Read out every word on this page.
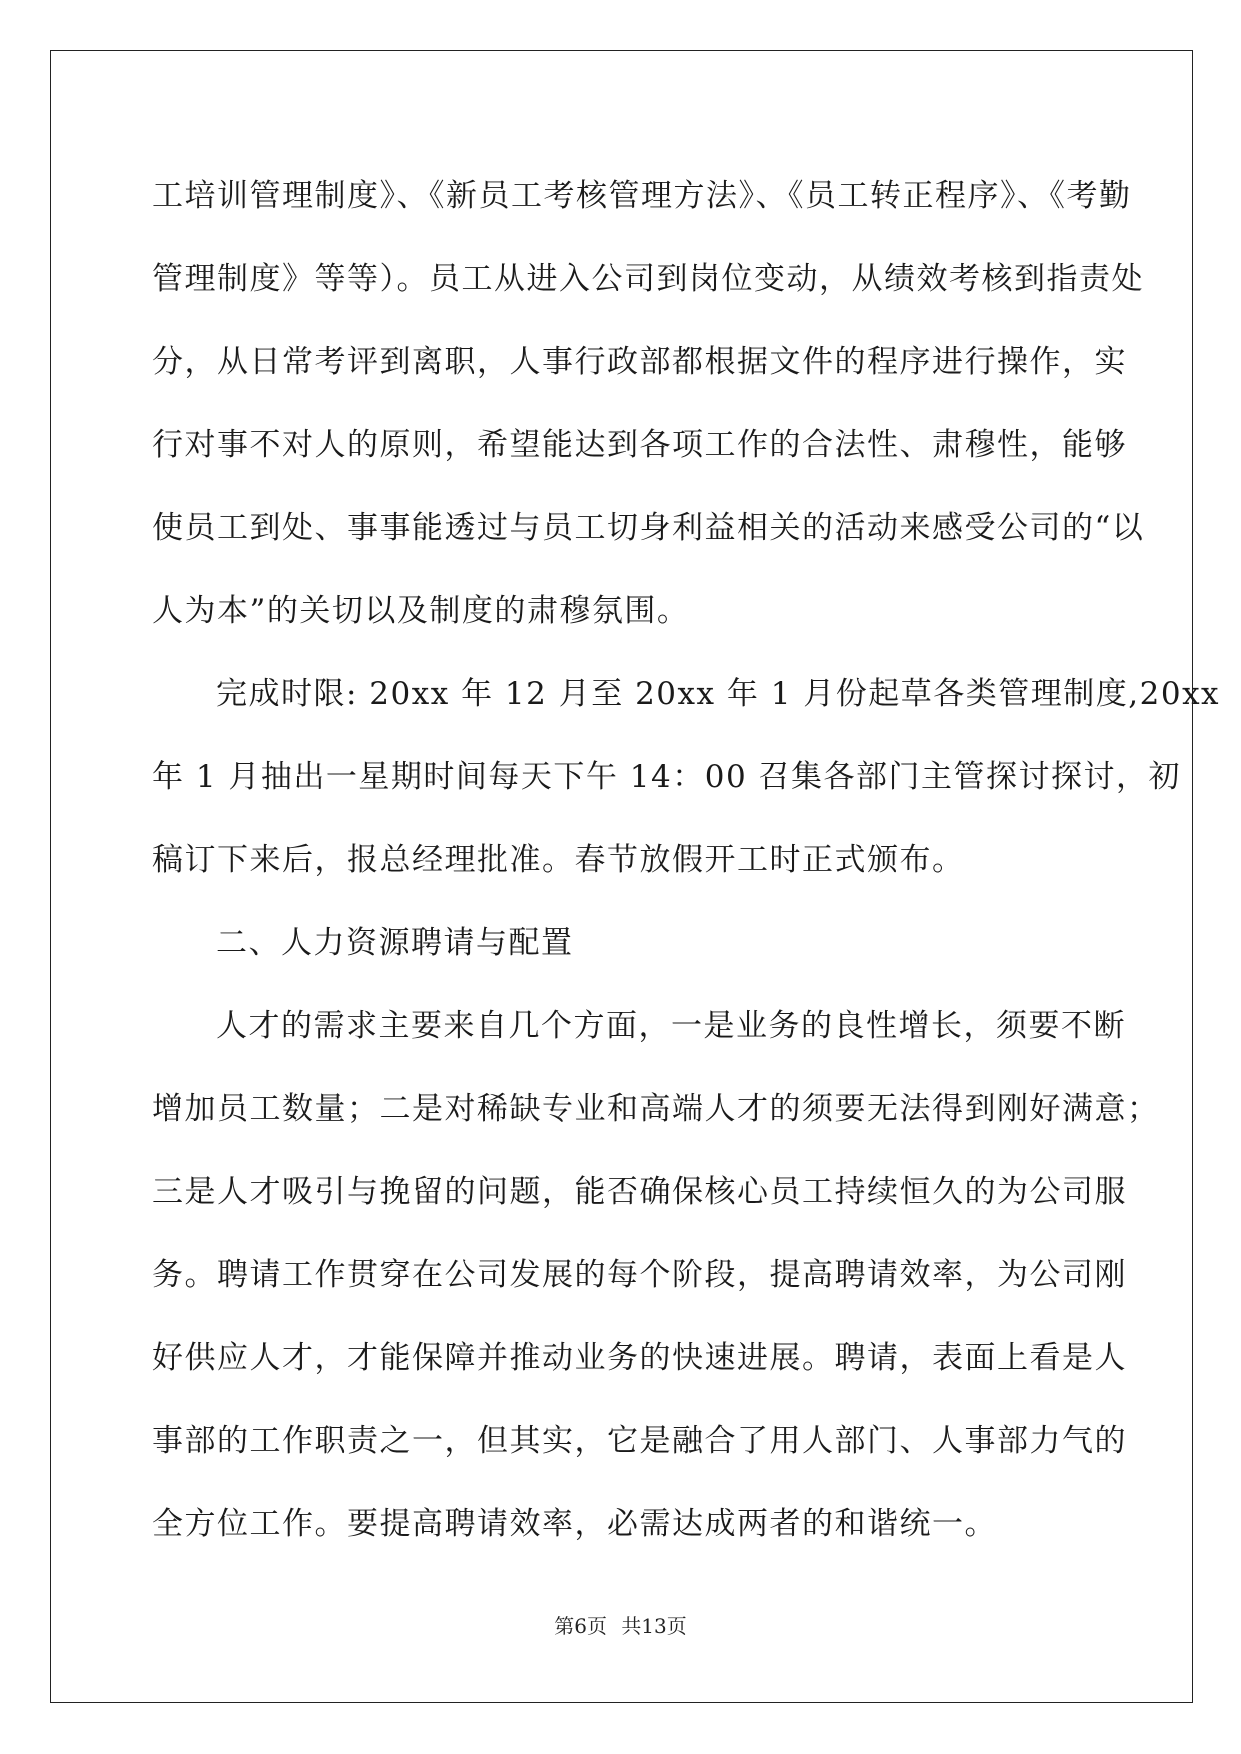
工培训管理制度》、《新员工考核管理方法》、《员工转正程序》、《考勤
管理制度》等等）。员工从进入公司到岗位变动，从绩效考核到指责处
分，从日常考评到离职，人事行政部都根据文件的程序进行操作，实
行对事不对人的原则，希望能达到各项工作的合法性、肃穆性，能够
使员工到处、事事能透过与员工切身利益相关的活动来感受公司的“以
人为本”的关切以及制度的肃穆氛围。
完成时限: 20xx 年 12 月至 20xx 年 1 月份起草各类管理制度,20xx
年 1 月抽出一星期时间每天下午 14：00 召集各部门主管探讨探讨，初
稿订下来后，报总经理批准。春节放假开工时正式颁布。
二、人力资源聘请与配置
人才的需求主要来自几个方面，一是业务的良性增长，须要不断
增加员工数量；二是对稀缺专业和高端人才的须要无法得到刚好满意；
三是人才吸引与挽留的问题，能否确保核心员工持续恒久的为公司服
务。聘请工作贯穿在公司发展的每个阶段，提高聘请效率，为公司刚
好供应人才，才能保障并推动业务的快速进展。聘请，表面上看是人
事部的工作职责之一，但其实，它是融合了用人部门、人事部力气的
全方位工作。要提高聘请效率，必需达成两者的和谐统一。
第6页 共13页
